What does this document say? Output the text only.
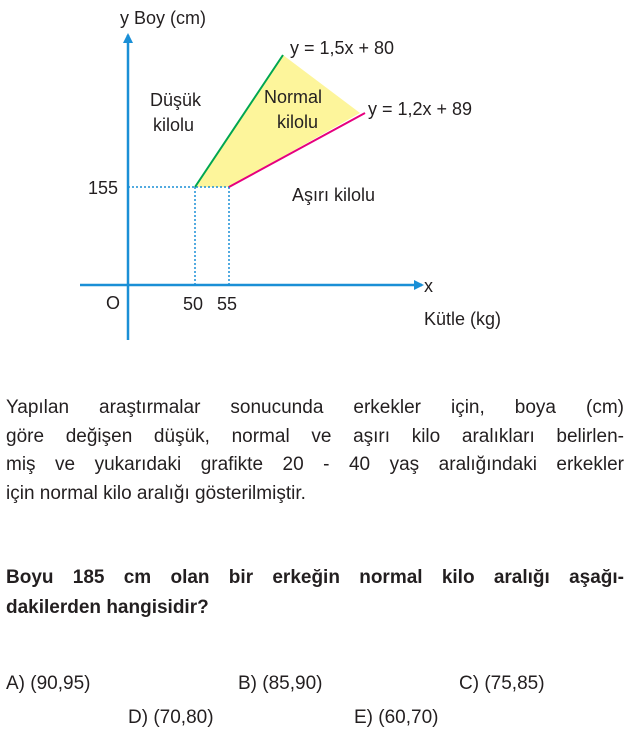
y Boy (cm)
x
Kütle (kg)
O
155
50 55
y = 1,5x + 80
y = 1,2x + 89
Düşük
kilolu
Normal
kilolu
Aşırı kilolu

Yapılan araştırmalar sonucunda erkekler için, boya (cm)
göre değişen düşük, normal ve aşırı kilo aralıkları belirlen-
miş ve yukarıdaki grafikte 20 - 40 yaş aralığındaki erkekler
için normal kilo aralığı gösterilmiştir.

Boyu 185 cm olan bir erkeğin normal kilo aralığı aşağı-
dakilerden hangisidir?

A) (90,95)	B) (85,90)	C) (75,85)
D) (70,80)	E) (60,70)
